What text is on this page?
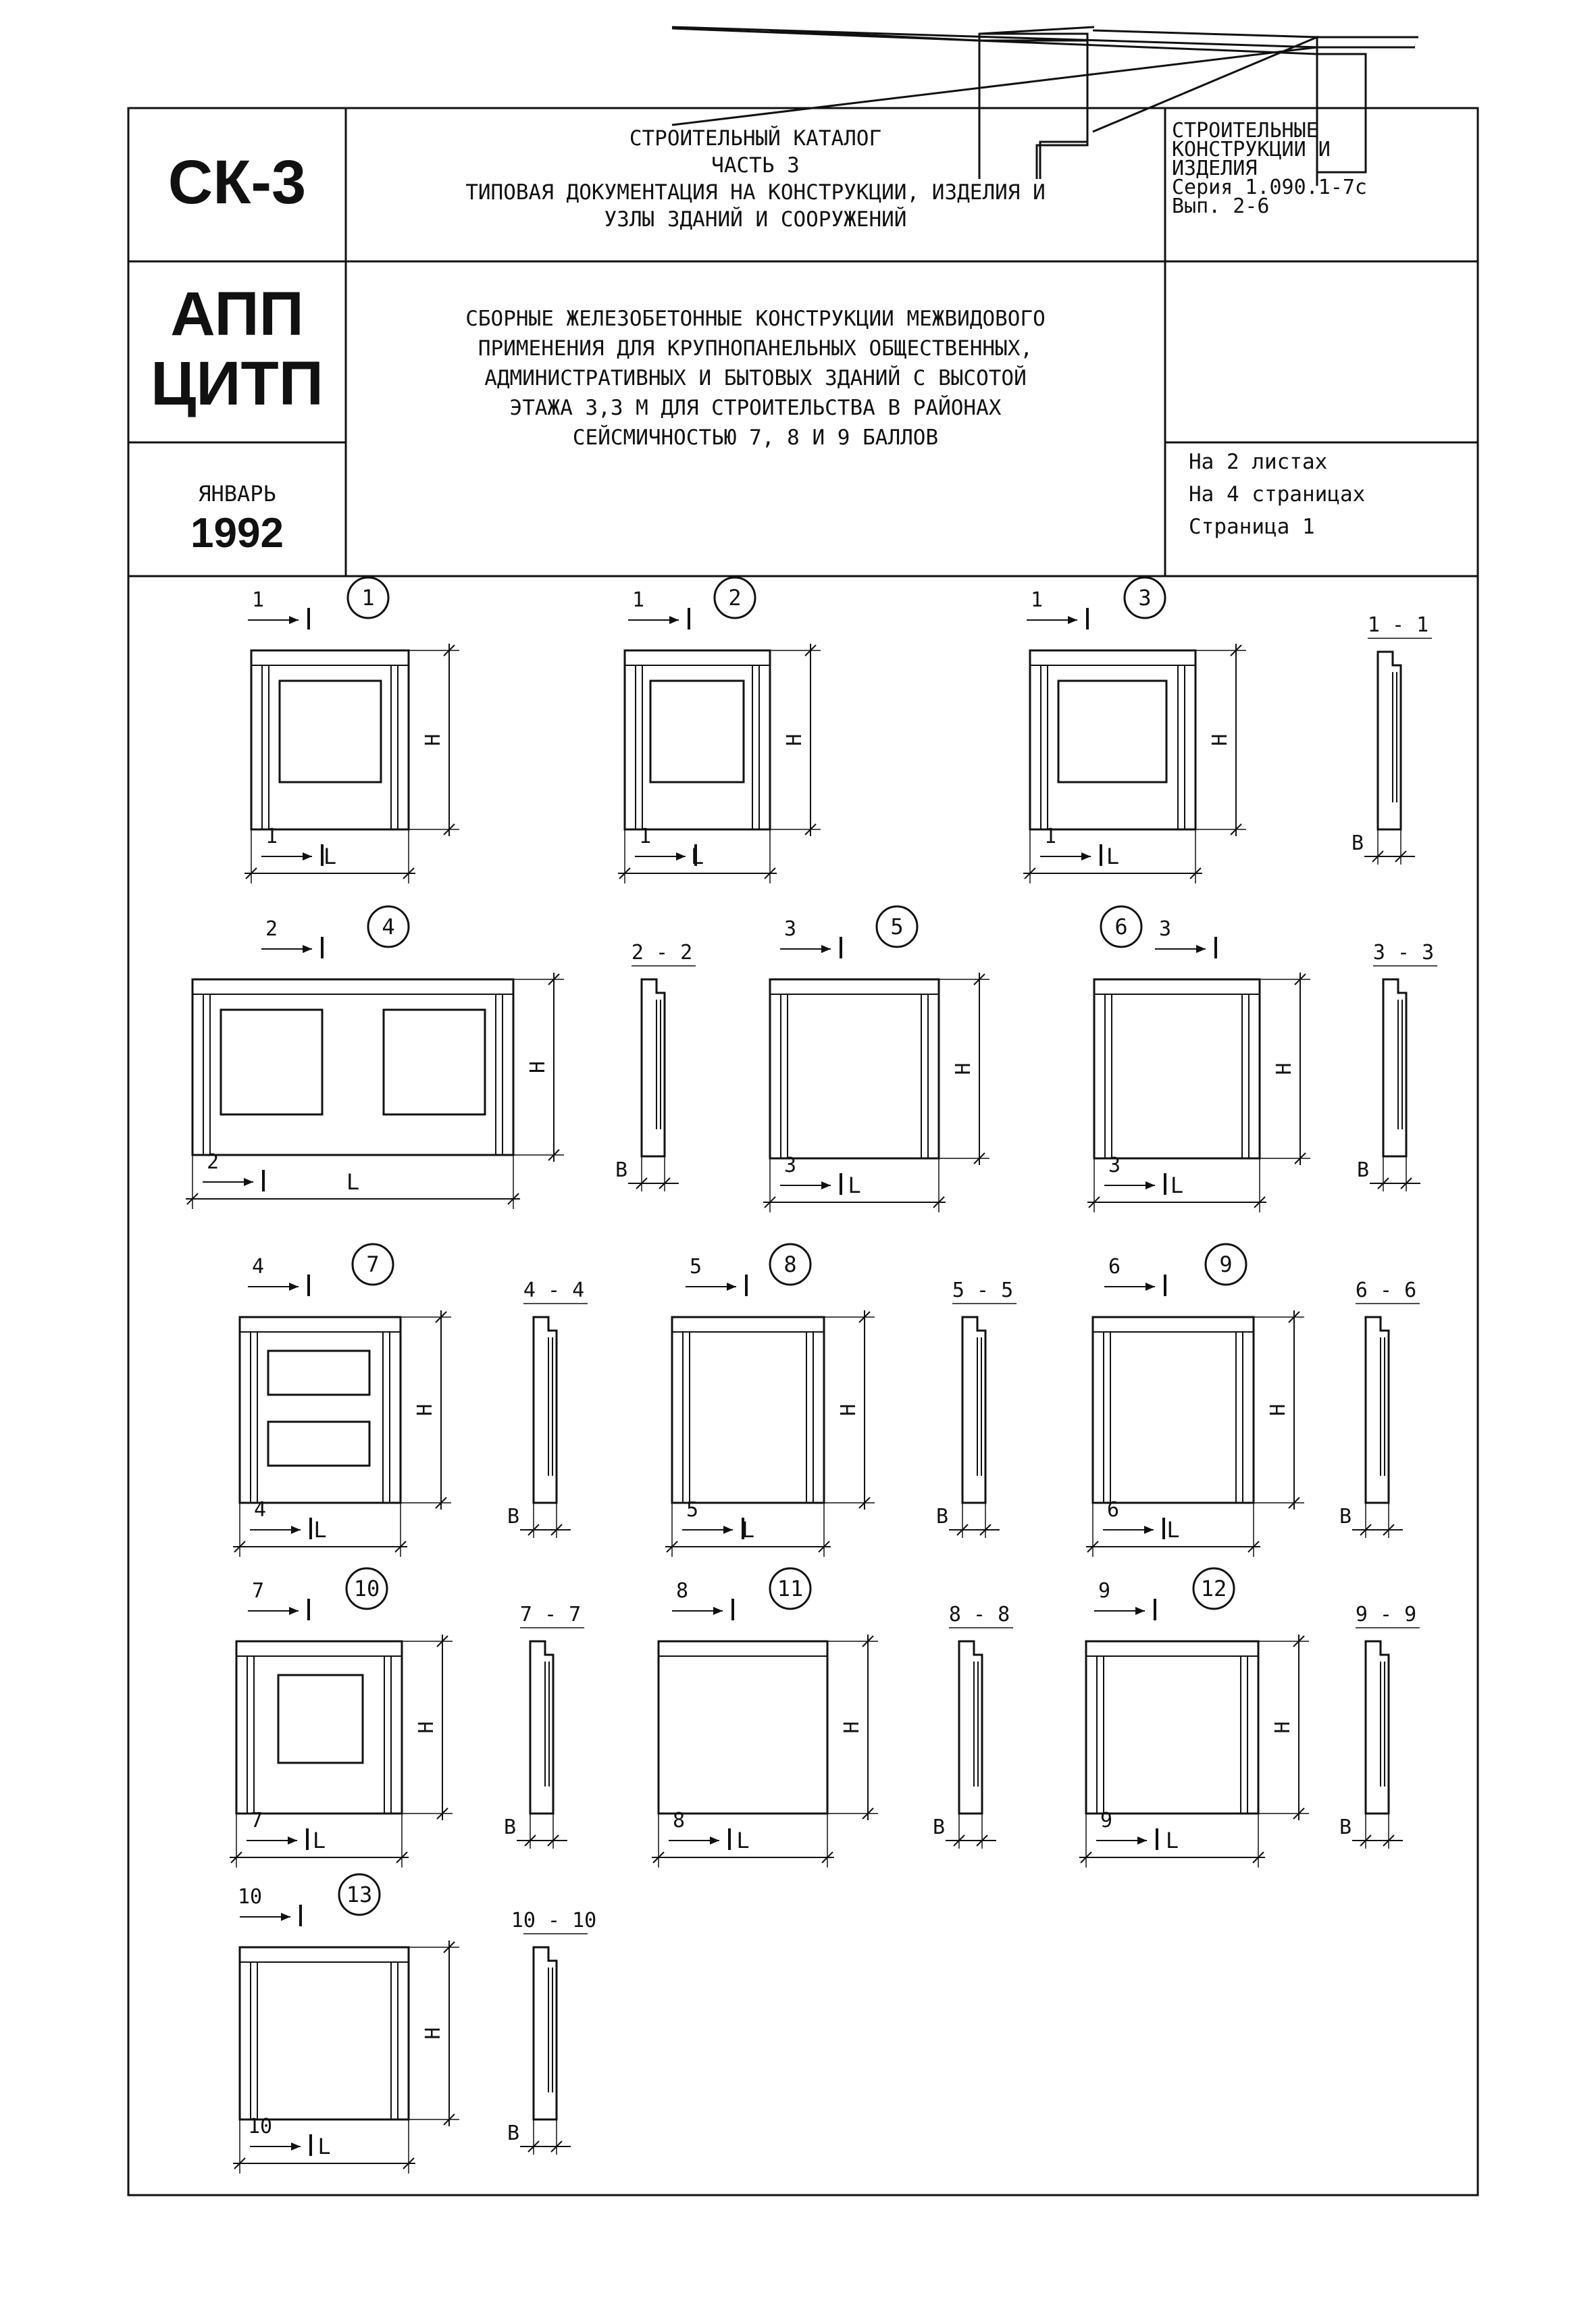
СК-3
АПП
ЦИТП
ЯНВАРЬ
1992
СТРОИТЕЛЬНЫЙ КАТАЛОГ
ЧАСТЬ 3
ТИПОВАЯ ДОКУМЕНТАЦИЯ НА КОНСТРУКЦИИ, ИЗДЕЛИЯ И
УЗЛЫ ЗДАНИЙ И СООРУЖЕНИЙ
СТРОИТЕЛЬНЫЕ
КОНСТРУКЦИИ И
ИЗДЕЛИЯ
Серия 1.090.1-7с
Вып. 2-6
СБОРНЫЕ ЖЕЛЕЗОБЕТОННЫЕ КОНСТРУКЦИИ МЕЖВИДОВОГО
ПРИМЕНЕНИЯ ДЛЯ КРУПНОПАНЕЛЬНЫХ ОБЩЕСТВЕННЫХ,
АДМИНИСТРАТИВНЫХ И БЫТОВЫХ ЗДАНИЙ С ВЫСОТОЙ
ЭТАЖА 3,3 М ДЛЯ СТРОИТЕЛЬСТВА В РАЙОНАХ
СЕЙСМИЧНОСТЬЮ 7, 8 И 9 БАЛЛОВ
На 2 листах
На 4 страницах
Страница 1
Н
L
1
1	1
Н
L
1
1	2
Н
L
1
1	3
Н
L
2
2	4
Н
L
3
3	5
Н
L
3
3
6
Н
L
4
4	7
Н
L
5
5	8
Н
L
6
6	9
Н
L
7
7	10
Н
L
8
8	11
Н
L
9
9	12
Н
L
10
10	13
1 - 1
В
2 - 2
В
3 - 3
В
4 - 4
В
5 - 5
В
6 - 6
В
7 - 7
В
8 - 8
В
9 - 9
В
10 - 10
В
